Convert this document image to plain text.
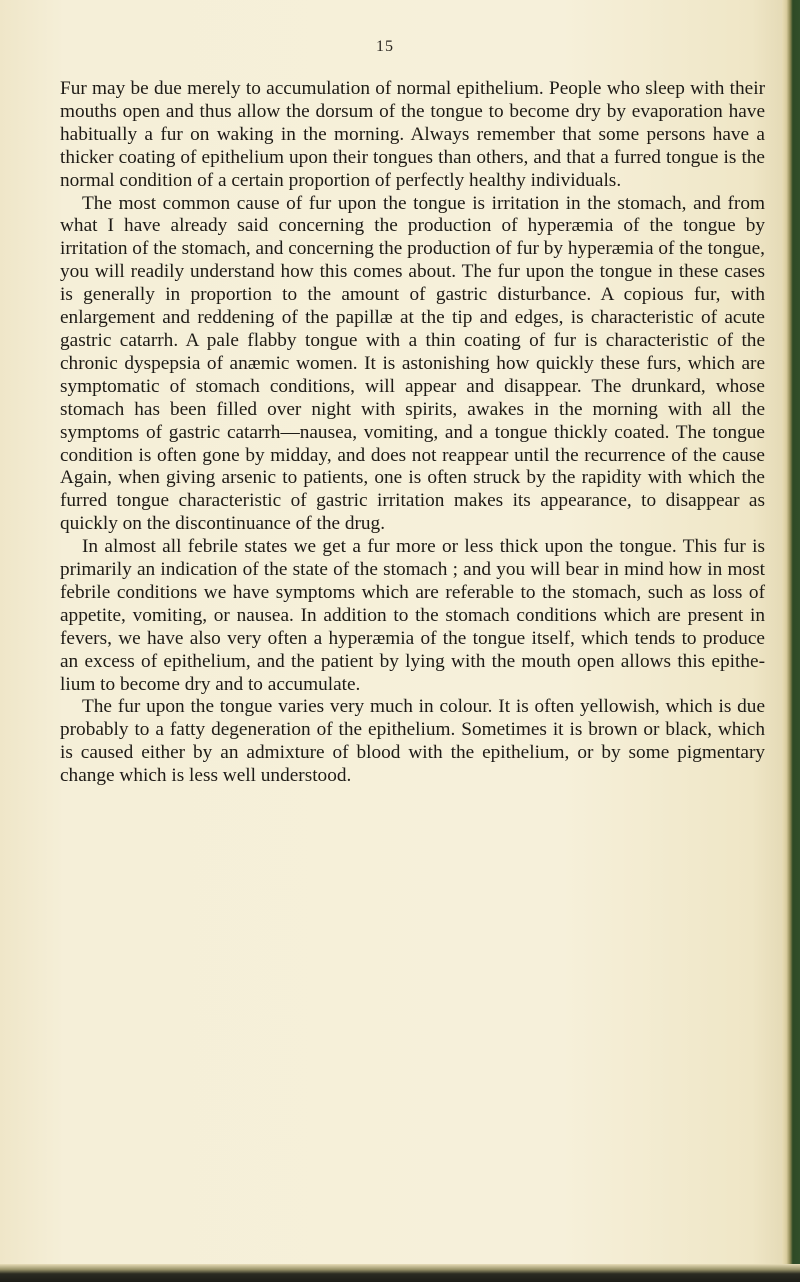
15

Fur may be due merely to accumulation of normal epithelium. People who sleep with their mouths open and thus allow the dorsum of the tongue to become dry by evaporation have habitually a fur on waking in the morning. Always remember that some persons have a thicker coating of epithelium upon their tongues than others, and that a furred tongue is the normal condition of a certain proportion of perfectly healthy individuals.

The most common cause of fur upon the tongue is irritation in the stomach, and from what I have already said concerning the production of hyperæmia of the tongue by irritation of the stomach, and concerning the production of fur by hyperæmia of the tongue, you will readily understand how this comes about. The fur upon the tongue in these cases is generally in proportion to the amount of gastric disturbance. A copious fur, with enlargement and reddening of the papillæ at the tip and edges, is characteristic of acute gastric catarrh. A pale flabby tongue with a thin coating of fur is characteristic of the chronic dyspepsia of anæmic women. It is astonishing how quickly these furs, which are symptomatic of stomach conditions, will appear and disappear. The drunkard, whose stomach has been filled over night with spirits, awakes in the morning with all the symptoms of gastric catarrh—nausea, vomiting, and a tongue thickly coated. The tongue condition is often gone by midday, and does not reappear until the recurrence of the cause Again, when giving arsenic to patients, one is often struck by the rapidity with which the furred tongue characteristic of gastric irritation makes its appearance, to disappear as quickly on the discontinuance of the drug.

In almost all febrile states we get a fur more or less thick upon the tongue. This fur is primarily an indication of the state of the stomach ; and you will bear in mind how in most febrile conditions we have symptoms which are referable to the stomach, such as loss of appetite, vomiting, or nausea. In addition to the stomach conditions which are present in fevers, we have also very often a hyperæmia of the tongue itself, which tends to produce an excess of epithelium, and the patient by lying with the mouth open allows this epithelium to become dry and to accumulate.

The fur upon the tongue varies very much in colour. It is often yellowish, which is due probably to a fatty degeneration of the epithelium. Sometimes it is brown or black, which is caused either by an admixture of blood with the epithelium, or by some pigmentary change which is less well understood.
